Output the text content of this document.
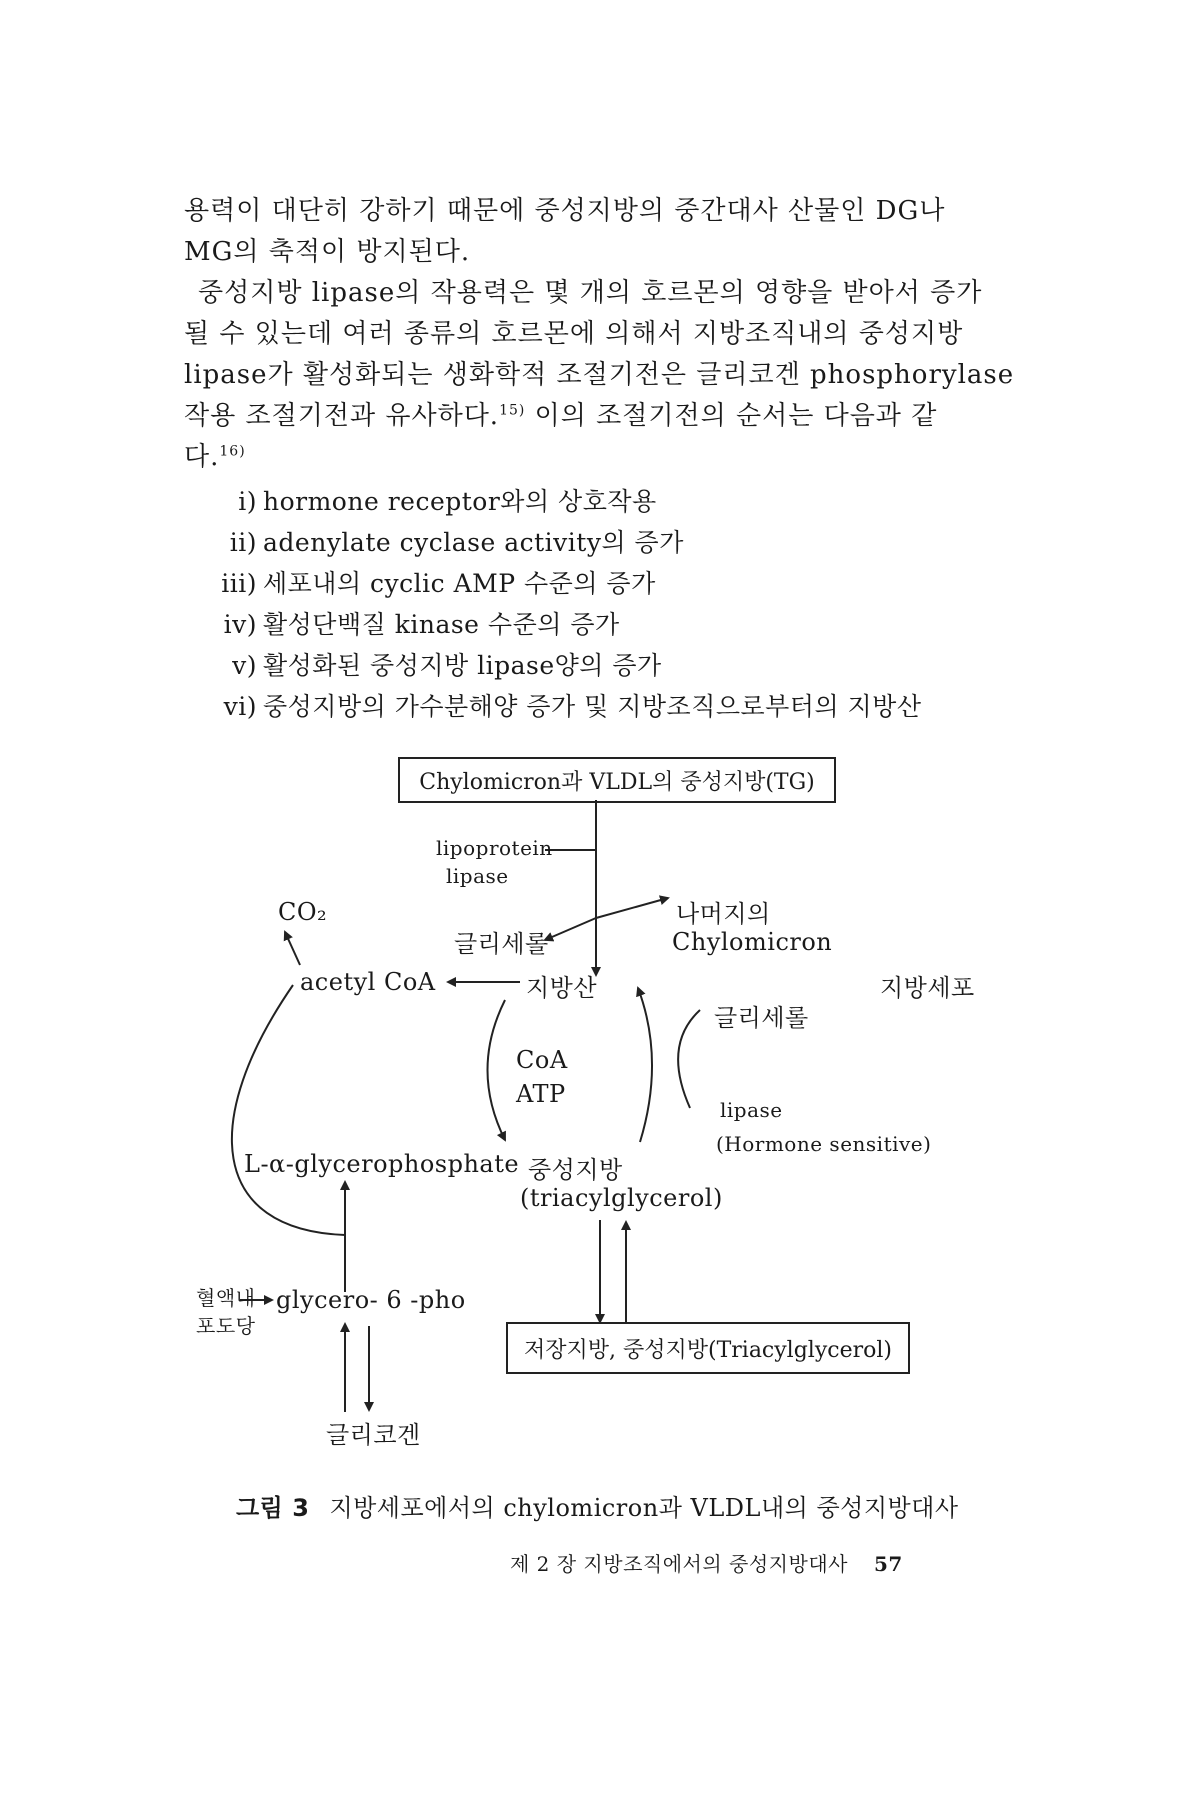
용력이 대단히 강하기 때문에 중성지방의 중간대사 산물인 DG나
MG의 축적이 방지된다.
중성지방 lipase의 작용력은 몇 개의 호르몬의 영향을 받아서 증가
될 수 있는데 여러 종류의 호르몬에 의해서 지방조직내의 중성지방
lipase가 활성화되는 생화학적 조절기전은 글리코겐 phosphorylase
작용 조절기전과 유사하다.$^{15)}$ 이의 조절기전의 순서는 다음과 같
다.$^{16)}$
i) hormone receptor와의 상호작용
ii) adenylate cyclase activity의 증가
iii) 세포내의 cyclic AMP 수준의 증가
iv) 활성단백질 kinase 수준의 증가
v) 활성화된 중성지방 lipase양의 증가
vi) 중성지방의 가수분해양 증가 및 지방조직으로부터의 지방산
Chylomicron과 VLDL의 중성지방(TG)
lipoprotein
lipase
CO₂
글리세롤
나머지의
Chylomicron
acetyl CoA	지방산	지방세포
글리세롤
CoA
ATP
lipase
(Hormone sensitive)
L-α-glycerophosphate 중성지방
(triacylglycerol)
혈액내
포도당
glycero- 6 -pho
저장지방, 중성지방(Triacylglycerol)
글리코겐
그림 3 지방세포에서의 chylomicron과 VLDL내의 중성지방대사
제 2 장 지방조직에서의 중성지방대사 57
